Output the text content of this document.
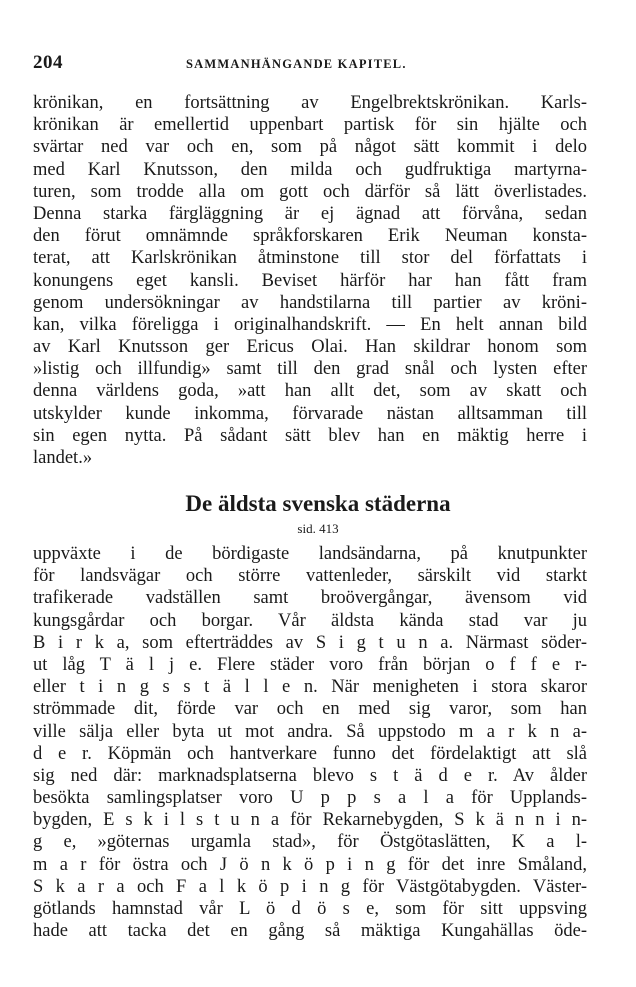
204	SAMMANHÄNGANDE KAPITEL.
krönikan, en fortsättning av Engelbrektskrönikan. Karls-
krönikan är emellertid uppenbart partisk för sin hjälte och
svärtar ned var och en, som på något sätt kommit i delo
med Karl Knutsson, den milda och gudfruktiga martyrna-
turen, som trodde alla om gott och därför så lätt överlistades.
Denna starka färgläggning är ej ägnad att förvåna, sedan
den förut omnämnde språkforskaren Erik Neuman konsta-
terat, att Karlskrönikan åtminstone till stor del författats i
konungens eget kansli. Beviset härför har han fått fram
genom undersökningar av handstilarna till partier av kröni-
kan, vilka föreligga i originalhandskrift. — En helt annan bild
av Karl Knutsson ger Ericus Olai. Han skildrar honom som
»listig och illfundig» samt till den grad snål och lysten efter
denna världens goda, »att han allt det, som av skatt och
utskylder kunde inkomma, förvarade nästan alltsamman till
sin egen nytta. På sådant sätt blev han en mäktig herre i
landet.»
De äldsta svenska städerna
sid. 413
uppväxte i de bördigaste landsändarna, på knutpunkter
för landsvägar och större vattenleder, särskilt vid starkt
trafikerade vadställen samt broövergångar, ävensom vid
kungsgårdar och borgar. Vår äldsta kända stad var ju
B i r k a, som efterträddes av S i g t u n a. Närmast söder-
ut låg T ä l j e. Flere städer voro från början o f f e r-
eller t i n g s s t ä l l e n. När menigheten i stora skaror
strömmade dit, förde var och en med sig varor, som han
ville sälja eller byta ut mot andra. Så uppstodo m a r k n a-
d e r. Köpmän och hantverkare funno det fördelaktigt att slå
sig ned där: marknadsplatserna blevo s t ä d e r. Av ålder
besökta samlingsplatser voro U p p s a l a för Upplands-
bygden, E s k i l s t u n a för Rekarnebygden, S k ä n n i n-
g e, »göternas urgamla stad», för Östgötaslätten, K a l-
m a r för östra och J ö n k ö p i n g för det inre Småland,
S k a r a och F a l k ö p i n g för Västgötabygden. Väster-
götlands hamnstad vår L ö d ö s e, som för sitt uppsving
hade att tacka det en gång så mäktiga Kungahällas öde-
